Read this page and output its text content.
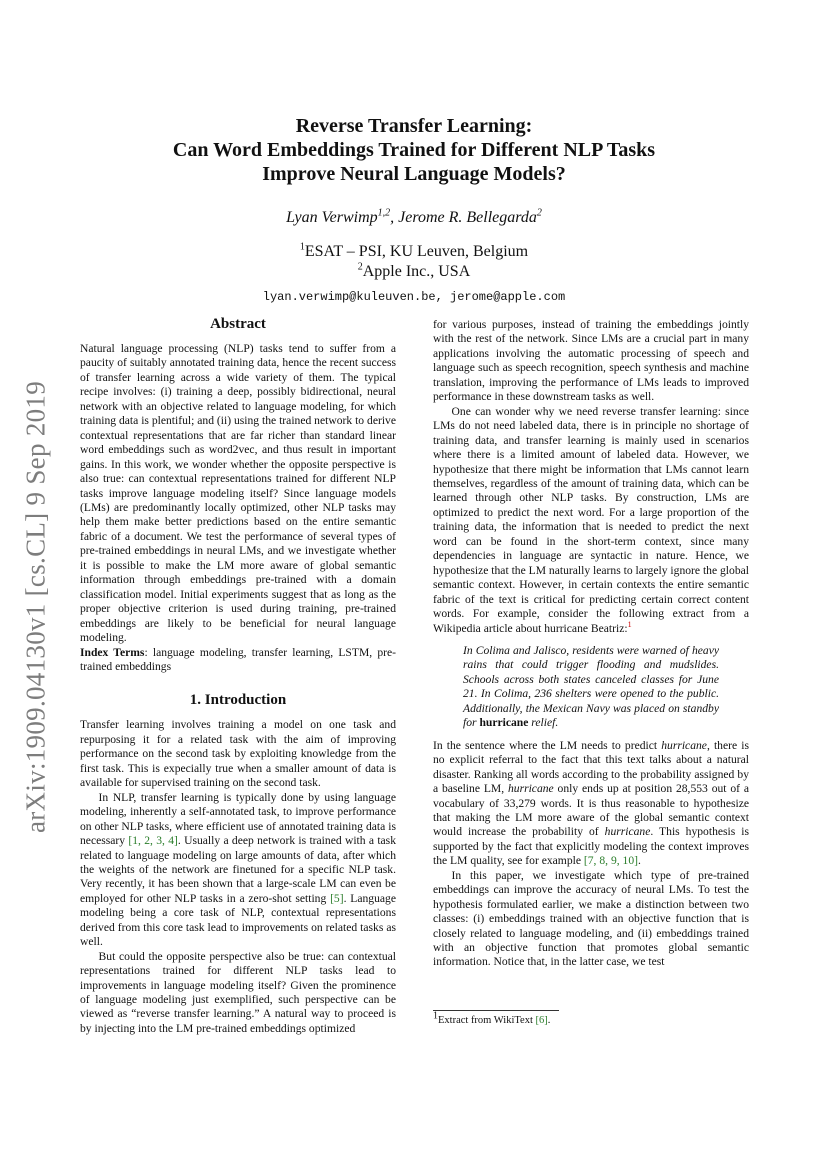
arXiv:1909.04130v1 [cs.CL] 9 Sep 2019
Reverse Transfer Learning:
Can Word Embeddings Trained for Different NLP Tasks
Improve Neural Language Models?
Lyan Verwimp$^{1,2}$, Jerome R. Bellegarda$^2$
$^1$ESAT – PSI, KU Leuven, Belgium
$^2$Apple Inc., USA
lyan.verwimp@kuleuven.be, jerome@apple.com
Abstract

Natural language processing (NLP) tasks tend to suffer from a paucity of suitably annotated training data, hence the recent success of transfer learning across a wide variety of them. The typical recipe involves: (i) training a deep, possibly bidirectional, neural network with an objective related to language modeling, for which training data is plentiful; and (ii) using the trained network to derive contextual representations that are far richer than standard linear word embeddings such as word2vec, and thus result in important gains. In this work, we wonder whether the opposite perspective is also true: can contextual representations trained for different NLP tasks improve language modeling itself? Since language models (LMs) are predominantly locally optimized, other NLP tasks may help them make better predictions based on the entire semantic fabric of a document. We test the performance of several types of pre-trained embeddings in neural LMs, and we investigate whether it is possible to make the LM more aware of global semantic information through embeddings pre-trained with a domain classification model. Initial experiments suggest that as long as the proper objective criterion is used during training, pre-trained embeddings are likely to be beneficial for neural language modeling.

Index Terms: language modeling, transfer learning, LSTM, pre-trained embeddings

1. Introduction

Transfer learning involves training a model on one task and repurposing it for a related task with the aim of improving performance on the second task by exploiting knowledge from the first task. This is expecially true when a smaller amount of data is available for supervised training on the second task.

In NLP, transfer learning is typically done by using language modeling, inherently a self-annotated task, to improve performance on other NLP tasks, where efficient use of annotated training data is necessary [1, 2, 3, 4]. Usually a deep network is trained with a task related to language modeling on large amounts of data, after which the weights of the network are finetuned for a specific NLP task. Very recently, it has been shown that a large-scale LM can even be employed for other NLP tasks in a zero-shot setting [5]. Language modeling being a core task of NLP, contextual representations derived from this core task lead to improvements on related tasks as well.

But could the opposite perspective also be true: can contextual representations trained for different NLP tasks lead to improvements in language modeling itself? Given the prominence of language modeling just exemplified, such perspective can be viewed as “reverse transfer learning.” A natural way to proceed is by injecting into the LM pre-trained embeddings optimized

for various purposes, instead of training the embeddings jointly with the rest of the network. Since LMs are a crucial part in many applications involving the automatic processing of speech and language such as speech recognition, speech synthesis and machine translation, improving the performance of LMs leads to improved performance in these downstream tasks as well.

One can wonder why we need reverse transfer learning: since LMs do not need labeled data, there is in principle no shortage of training data, and transfer learning is mainly used in scenarios where there is a limited amount of labeled data. However, we hypothesize that there might be information that LMs cannot learn themselves, regardless of the amount of training data, which can be learned through other NLP tasks. By construction, LMs are optimized to predict the next word. For a large proportion of the training data, the information that is needed to predict the next word can be found in the short-term context, since many dependencies in language are syntactic in nature. Hence, we hypothesize that the LM naturally learns to largely ignore the global semantic context. However, in certain contexts the entire semantic fabric of the text is critical for predicting certain correct content words. For example, consider the following extract from a Wikipedia article about hurricane Beatriz:$^1$

In Colima and Jalisco, residents were warned of heavy rains that could trigger flooding and mudslides. Schools across both states canceled classes for June 21. In Colima, 236 shelters were opened to the public. Additionally, the Mexican Navy was placed on standby for hurricane relief.

In the sentence where the LM needs to predict hurricane, there is no explicit referral to the fact that this text talks about a natural disaster. Ranking all words according to the probability assigned by a baseline LM, hurricane only ends up at position 28,553 out of a vocabulary of 33,279 words. It is thus reasonable to hypothesize that making the LM more aware of the global semantic context would increase the probability of hurricane. This hypothesis is supported by the fact that explicitly modeling the context improves the LM quality, see for example [7, 8, 9, 10].

In this paper, we investigate which type of pre-trained embeddings can improve the accuracy of neural LMs. To test the hypothesis formulated earlier, we make a distinction between two classes: (i) embeddings trained with an objective function that is closely related to language modeling, and (ii) embeddings trained with an objective function that promotes global semantic information. Notice that, in the latter case, we test

$^1$Extract from WikiText [6].
